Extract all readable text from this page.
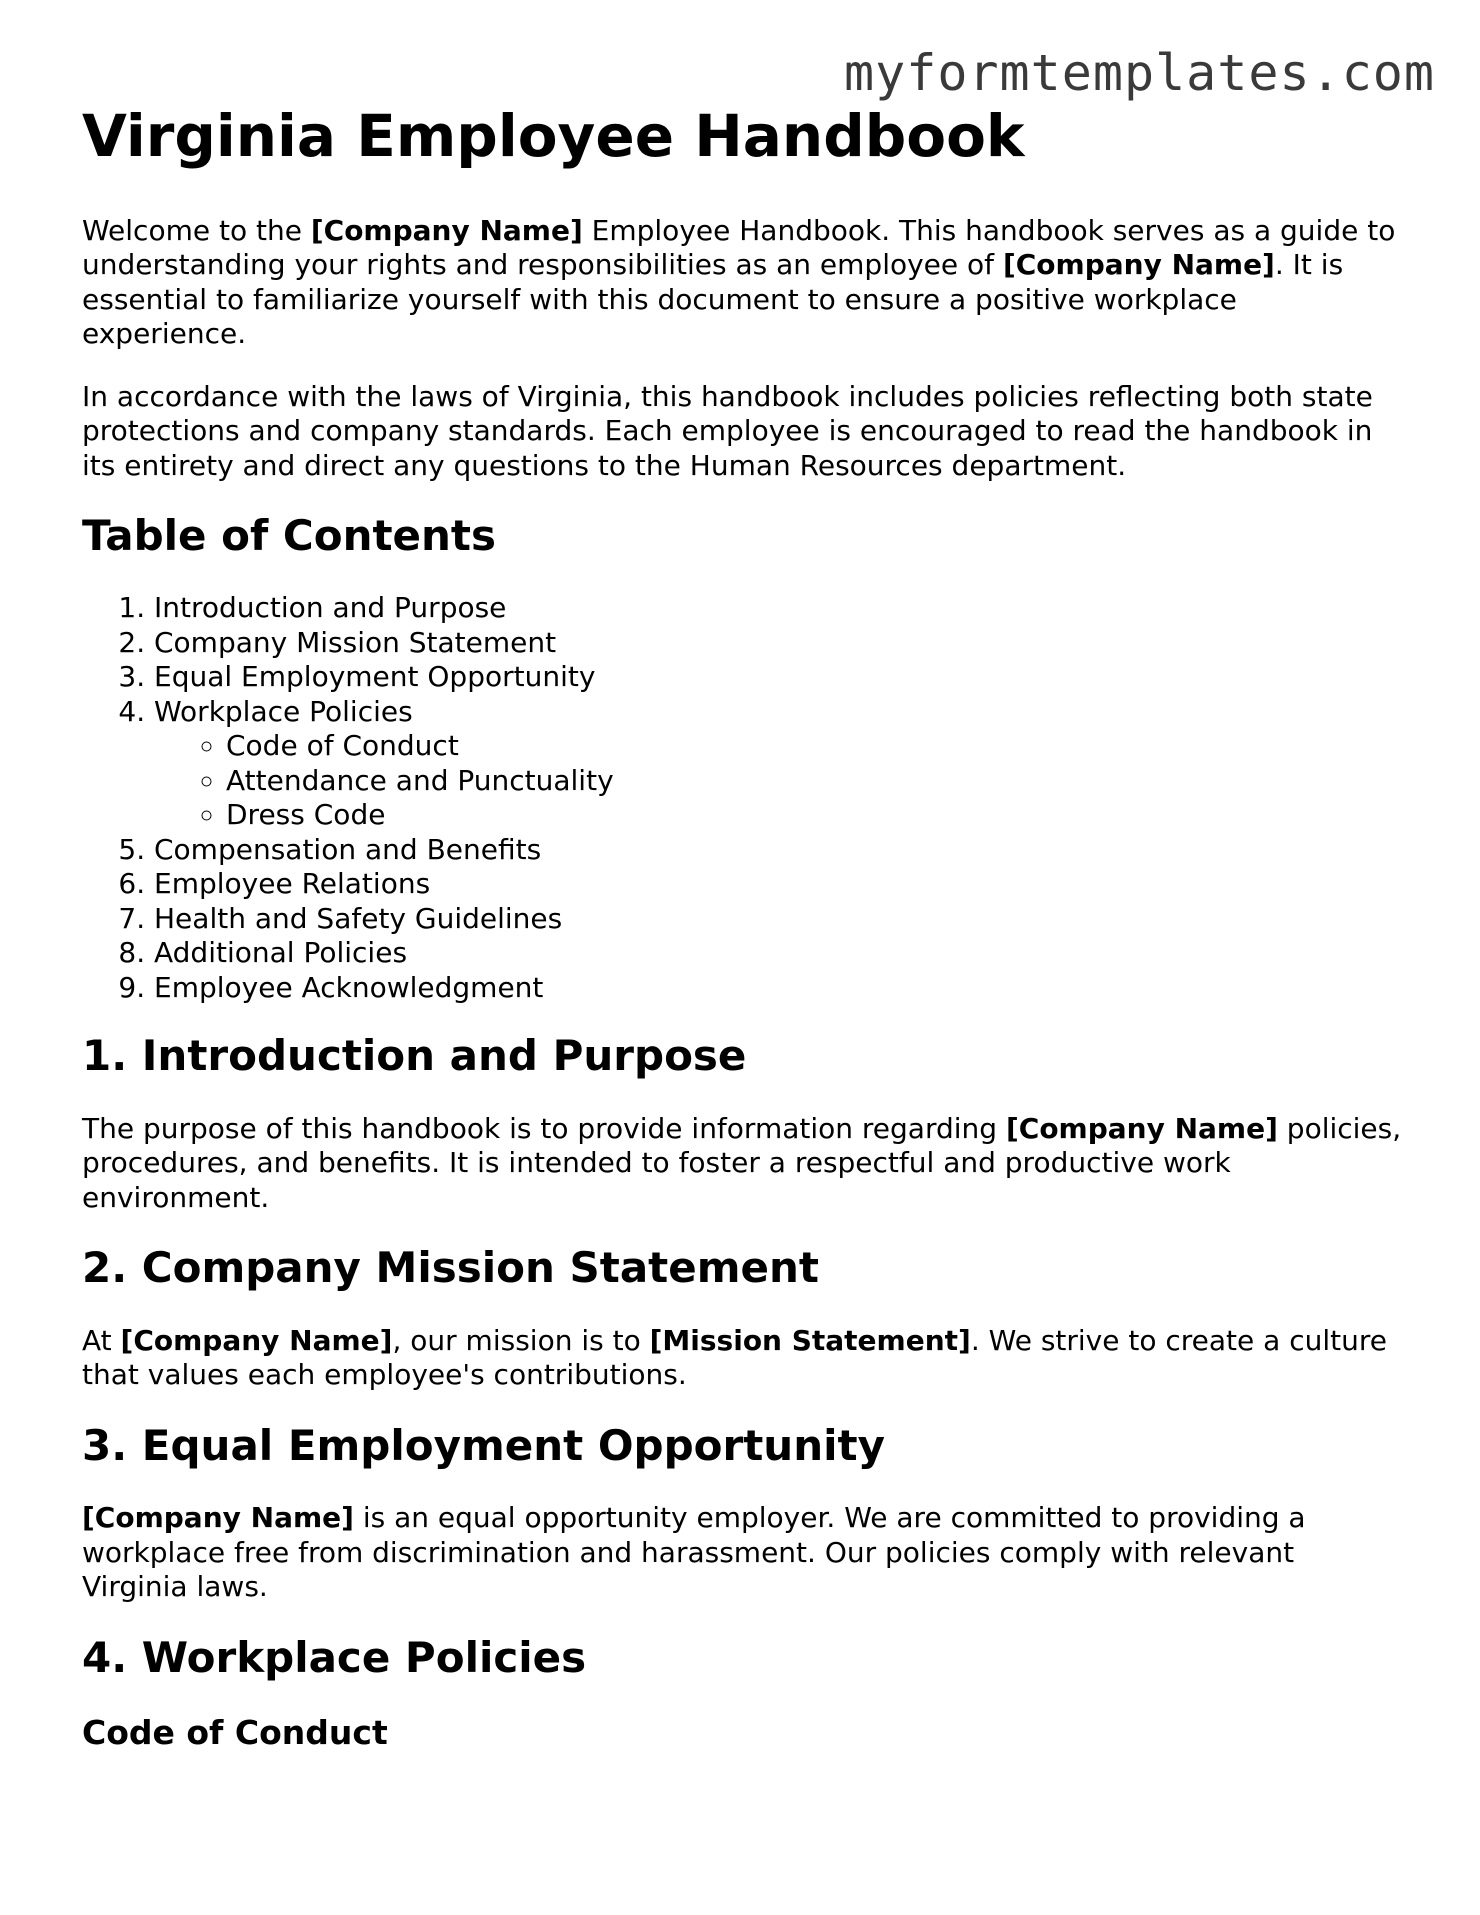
myformtemplates.com
Virginia Employee Handbook

Welcome to the [Company Name] Employee Handbook. This handbook serves as a guide to understanding your rights and responsibilities as an employee of [Company Name]. It is essential to familiarize yourself with this document to ensure a positive workplace experience.

In accordance with the laws of Virginia, this handbook includes policies reflecting both state protections and company standards. Each employee is encouraged to read the handbook in its entirety and direct any questions to the Human Resources department.

Table of Contents
1. Introduction and Purpose
2. Company Mission Statement
3. Equal Employment Opportunity
4. Workplace Policies
◦ Code of Conduct
◦ Attendance and Punctuality
◦ Dress Code
5. Compensation and Benefits
6. Employee Relations
7. Health and Safety Guidelines
8. Additional Policies
9. Employee Acknowledgment
1. Introduction and Purpose

The purpose of this handbook is to provide information regarding [Company Name] policies, procedures, and benefits. It is intended to foster a respectful and productive work environment.

2. Company Mission Statement

At [Company Name], our mission is to [Mission Statement]. We strive to create a culture that values each employee's contributions.

3. Equal Employment Opportunity

[Company Name] is an equal opportunity employer. We are committed to providing a workplace free from discrimination and harassment. Our policies comply with relevant Virginia laws.

4. Workplace Policies
Code of Conduct
